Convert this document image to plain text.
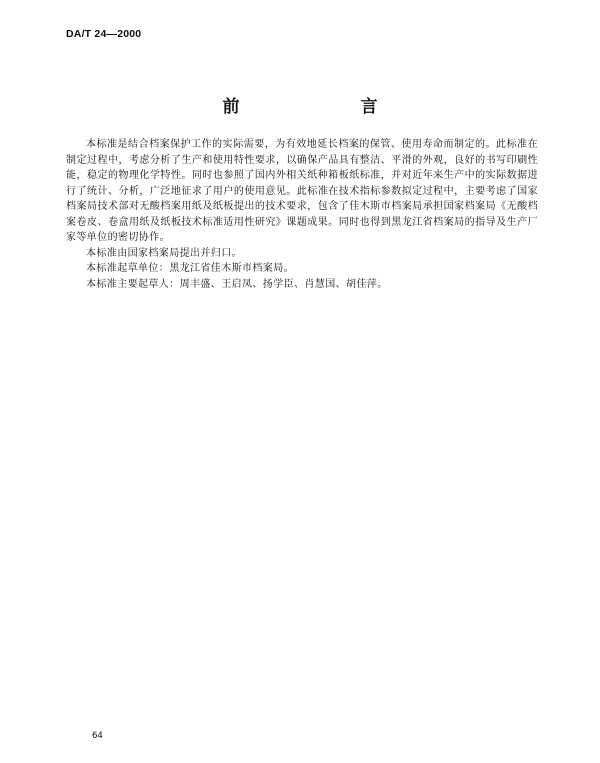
DA/T 24—2000
前　言

本标准是结合档案保护工作的实际需要，为有效地延长档案的保管、使用寿命而制定的。此标准在制定过程中，考虑分析了生产和使用特性要求，以确保产品具有整洁、平滑的外观，良好的书写印刷性能，稳定的物理化学特性。同时也参照了国内外相关纸种箱板纸标准，并对近年来生产中的实际数据进行了统计、分析，广泛地征求了用户的使用意见。此标准在技术指标参数拟定过程中，主要考虑了国家档案局技术部对无酸档案用纸及纸板提出的技术要求，包含了佳木斯市档案局承担国家档案局《无酸档案卷皮、卷盒用纸及纸板技术标准适用性研究》课题成果。同时也得到黑龙江省档案局的指导及生产厂家等单位的密切协作。

本标准由国家档案局提出并归口。

本标准起草单位：黑龙江省佳木斯市档案局。

本标准主要起草人：周丰盛、王启凤、扬学臣、肖慧国、胡佳萍。

64
